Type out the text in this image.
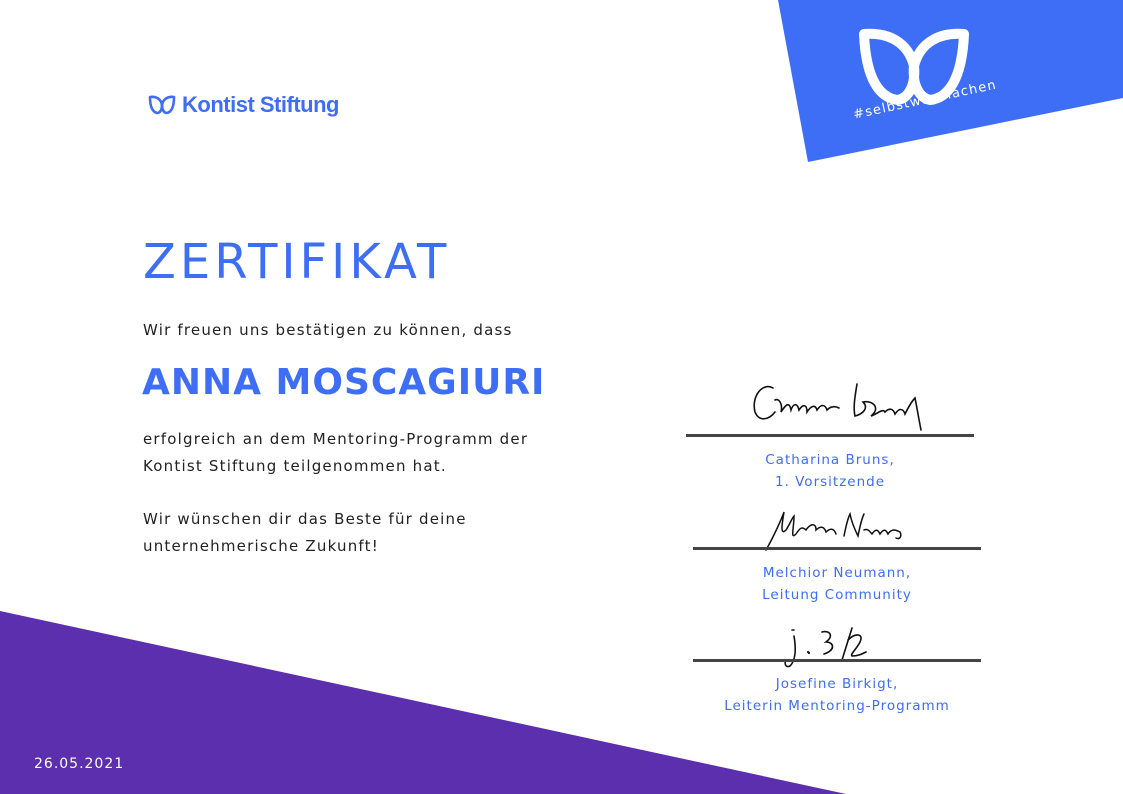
#selbstwasmachen
Kontist Stiftung
ZERTIFIKAT
Wir freuen uns bestätigen zu können, dass
ANNA MOSCAGIURI
erfolgreich an dem Mentoring-Programm der
Kontist Stiftung teilgenommen hat.
Wir wünschen dir das Beste für deine
unternehmerische Zukunft!
Catharina Bruns,
1. Vorsitzende
Melchior Neumann,
Leitung Community
Josefine Birkigt,
Leiterin Mentoring-Programm
26.05.2021
